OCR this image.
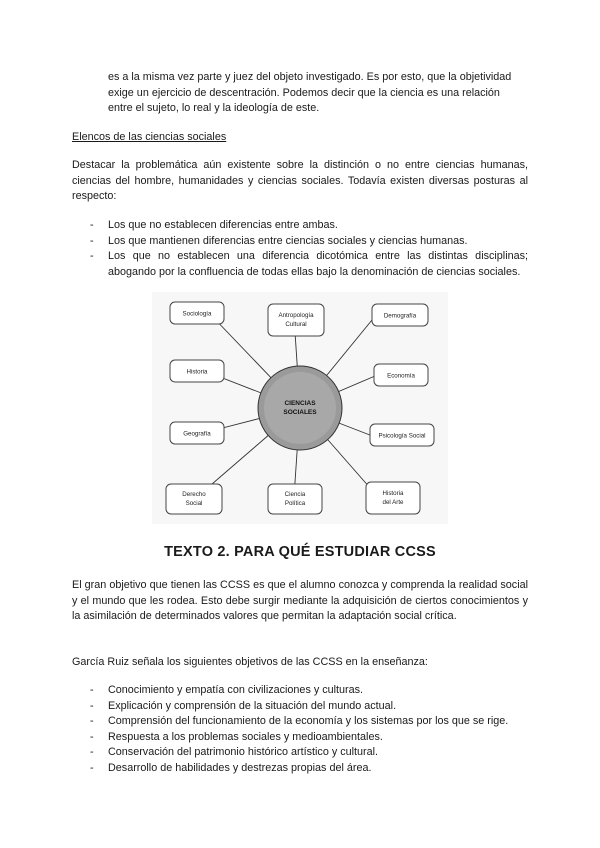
es a la misma vez parte y juez del objeto investigado. Es por esto, que la objetividad

exige un ejercicio de descentración. Podemos decir que la ciencia es una relación

entre el sujeto, lo real y la ideología de este.

Elencos de las ciencias sociales

Destacar la problemática aún existente sobre la distinción o no entre ciencias humanas, ciencias del hombre, humanidades y ciencias sociales. Todavía existen diversas posturas al respecto:

- Los que no establecen diferencias entre ambas.
- Los que mantienen diferencias entre ciencias sociales y ciencias humanas.
- Los que no establecen una diferencia dicotómica entre las distintas disciplinas; abogando por la confluencia de todas ellas bajo la denominación de ciencias sociales.
CIENCIAS
SOCIALES
Sociología	Antropología
Cultural
Demografía
Historia
Economía
Geografía	Psicología Social
Derecho
Social
Ciencia
Política
Historia
del Arte
TEXTO 2. PARA QUÉ ESTUDIAR CCSS

El gran objetivo que tienen las CCSS es que el alumno conozca y comprenda la realidad social y el mundo que les rodea. Esto debe surgir mediante la adquisición de ciertos conocimientos y la asimilación de determinados valores que permitan la adaptación social crítica.

García Ruiz señala los siguientes objetivos de las CCSS en la enseñanza:

- Conocimiento y empatía con civilizaciones y culturas.
- Explicación y comprensión de la situación del mundo actual.
- Comprensión del funcionamiento de la economía y los sistemas por los que se rige.
- Respuesta a los problemas sociales y medioambientales.
- Conservación del patrimonio histórico artístico y cultural.
- Desarrollo de habilidades y destrezas propias del área.
